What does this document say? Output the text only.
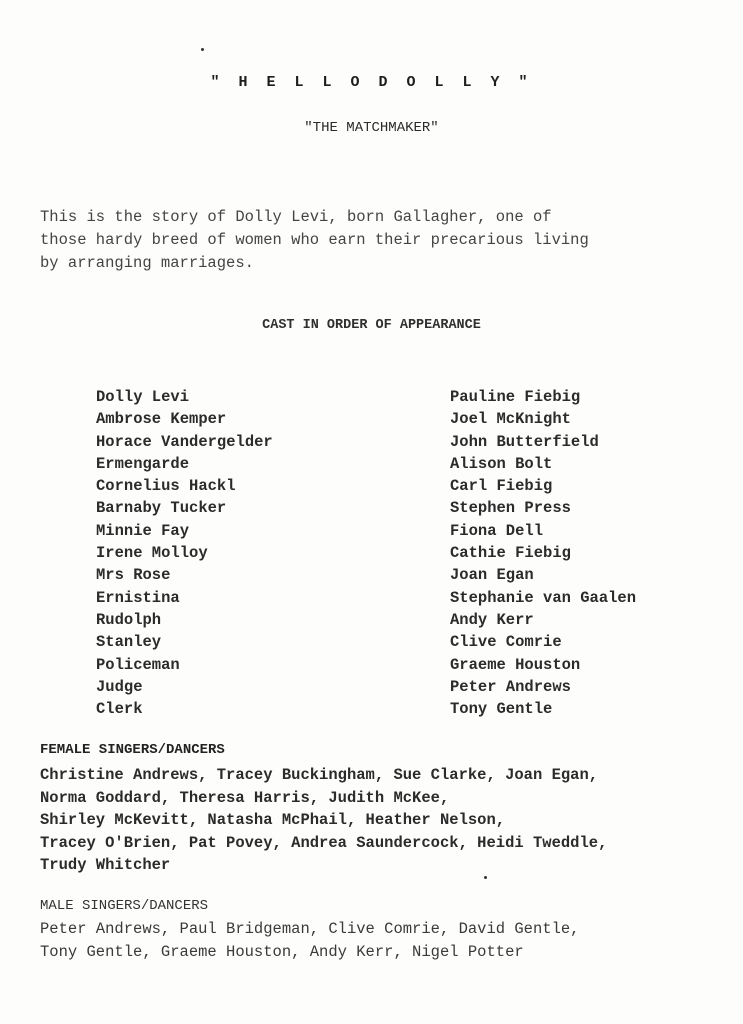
" H E L L O D O L L Y "
"THE MATCHMAKER"
This is the story of Dolly Levi, born Gallagher, one of
those hardy breed of women who earn their precarious living
by arranging marriages.
CAST IN ORDER OF APPEARANCE
Dolly Levi
Ambrose Kemper
Horace Vandergelder
Ermengarde
Cornelius Hackl
Barnaby Tucker
Minnie Fay
Irene Molloy
Mrs Rose
Ernistina
Rudolph
Stanley
Policeman
Judge
Clerk
Pauline Fiebig
Joel McKnight
John Butterfield
Alison Bolt
Carl Fiebig
Stephen Press
Fiona Dell
Cathie Fiebig
Joan Egan
Stephanie van Gaalen
Andy Kerr
Clive Comrie
Graeme Houston
Peter Andrews
Tony Gentle
FEMALE SINGERS/DANCERS
Christine Andrews, Tracey Buckingham, Sue Clarke, Joan Egan,
Norma Goddard, Theresa Harris, Judith McKee,
Shirley McKevitt, Natasha McPhail, Heather Nelson,
Tracey O'Brien, Pat Povey, Andrea Saundercock, Heidi Tweddle,
Trudy Whitcher
MALE SINGERS/DANCERS
Peter Andrews, Paul Bridgeman, Clive Comrie, David Gentle,
Tony Gentle, Graeme Houston, Andy Kerr, Nigel Potter
